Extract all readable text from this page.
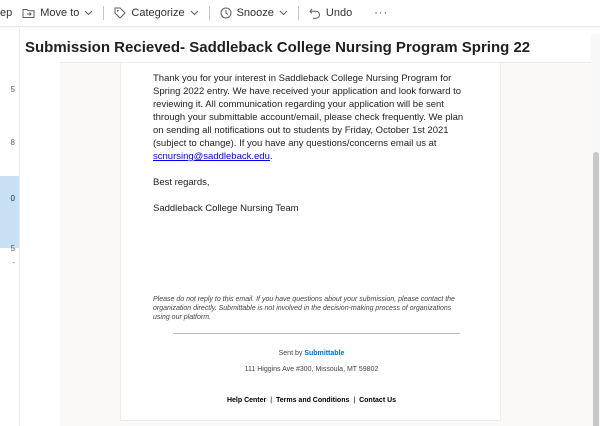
ep	Move to	Categorize	Snooze	Undo ···
5
8
0
5
-
Submission Recieved- Saddleback College Nursing Program Spring 22

Thank you for your interest in Saddleback College Nursing Program for Spring 2022 entry. We have received your application and look forward to reviewing it. All communication regarding your application will be sent through your submittable account/email, please check frequently. We plan on sending all notifications out to students by Friday, October 1st 2021 (subject to change). If you have any questions/concerns email us at scnursing@saddleback.edu.

Best regards,

Saddleback College Nursing Team

Please do not reply to this email. If you have questions about your submission, please contact the organization directly. Submittable is not involved in the decision-making process of organizations using our platform.
Sent by Submittable
111 Higgins Ave #300, Missoula, MT 59802
Help Center | Terms and Conditions | Contact Us
